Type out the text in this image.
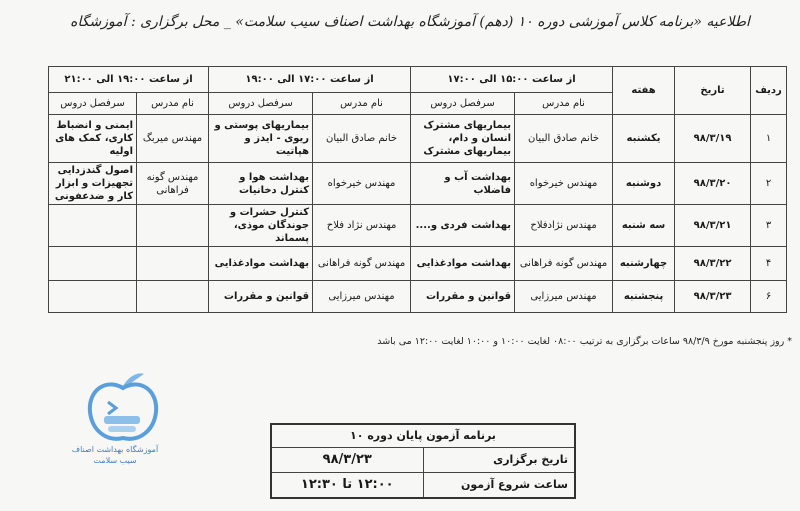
اطلاعیه «برنامه کلاس آموزشی دوره ۱۰ (دهم) آموزشگاه بهداشت اصناف سیب سلامت» _ محل برگزاری : آموزشگاه
ردیف	تاریخ	هفته	از ساعت ۱۵:۰۰ الی ۱۷:۰۰		از ساعت ۱۷:۰۰ الی ۱۹:۰۰		از ساعت ۱۹:۰۰ الی ۲۱:۰۰	
			نام مدرس	سرفصل دروس	نام مدرس	سرفصل دروس	نام مدرس	سرفصل دروس
۱	۹۸/۳/۱۹	یکشنبه	خانم صادق البیان	بیماریهای مشترک انسان و دام، بیماریهای مشترک	خانم صادق البیان	بیماریهای پوستی و ریوی - ایدز و هپاتیت	مهندس میربگ	ایمنی و انضباط کاری، کمک های اولیه
۲	۹۸/۳/۲۰	دوشنبه	مهندس خیرخواه	بهداشت آب و فاضلاب	مهندس خیرخواه	بهداشت هوا و کنترل دخانیات	مهندس گونه فراهانی	اصول گندزدایی تجهیزات و ابزار کار و ضدعفونی
۳	۹۸/۳/۲۱	سه شنبه	مهندس نژادفلاح	بهداشت فردی و....	مهندس نژاد فلاح	کنترل حشرات و جوندگان موذی، پسماند		
۴	۹۸/۳/۲۲	چهارشنبه	مهندس گونه فراهانی	بهداشت موادغذایی	مهندس گونه فراهانی	بهداشت موادغذایی		
۶	۹۸/۳/۲۳	پنجشنبه	مهندس میرزایی	قوانین و مقررات	مهندس میرزایی	قوانین و مقررات		
* روز پنجشنبه مورخ ۹۸/۳/۹ ساعات برگزاری به ترتیب ۰۸:۰۰ لغایت ۱۰:۰۰ و ۱۰:۰۰ لغایت ۱۲:۰۰ می باشد
آموزشگاه بهداشت اصناف
سیب سلامت
برنامه آزمون پایان دوره ۱۰	
تاریخ برگزاری	۹۸/۳/۲۳
ساعت شروع آزمون	۱۲:۰۰ تا ۱۲:۳۰
